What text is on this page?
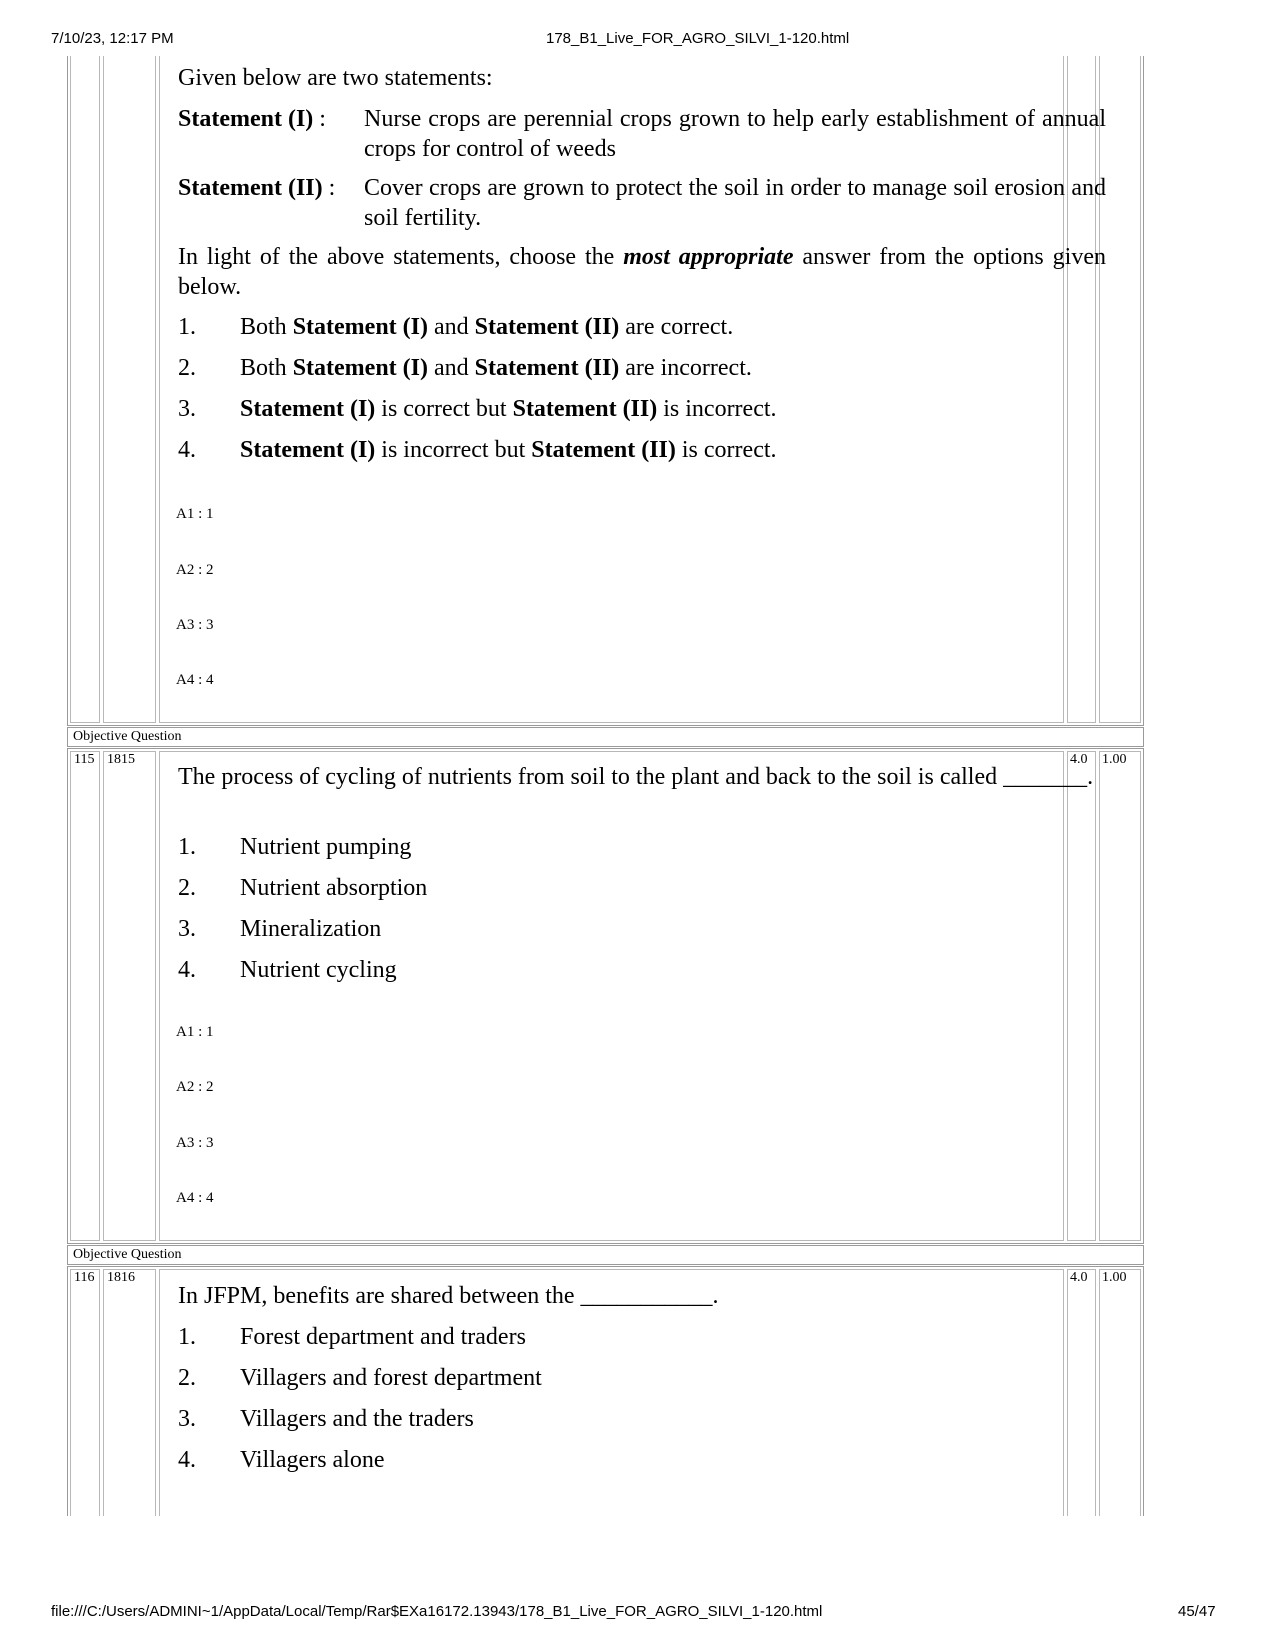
7/10/23, 12:17 PM	178_B1_Live_FOR_AGRO_SILVI_1-120.html
Given below are two statements:
Statement (I) : Nurse crops are perennial crops grown to help early establishment of annual crops for control of weeds
Statement (II) : Cover crops are grown to protect the soil in order to manage soil erosion and soil fertility.
In light of the above statements, choose the most appropriate answer from the options given below.
1. Both Statement (I) and Statement (II) are correct.
2. Both Statement (I) and Statement (II) are incorrect.
3. Statement (I) is correct but Statement (II) is incorrect.
4. Statement (I) is incorrect but Statement (II) is correct.
A1 : 1
A2 : 2
A3 : 3
A4 : 4
Objective Question
115 1815	4.0 1.00
The process of cycling of nutrients from soil to the plant and back to the soil is called _______.
1. Nutrient pumping
2. Nutrient absorption
3. Mineralization
4. Nutrient cycling
A1 : 1
A2 : 2
A3 : 3
A4 : 4
Objective Question
116 1816	4.0 1.00
In JFPM, benefits are shared between the ___________.
1. Forest department and traders
2. Villagers and forest department
3. Villagers and the traders
4. Villagers alone
file:///C:/Users/ADMINI~1/AppData/Local/Temp/Rar$EXa16172.13943/178_B1_Live_FOR_AGRO_SILVI_1-120.html	45/47
